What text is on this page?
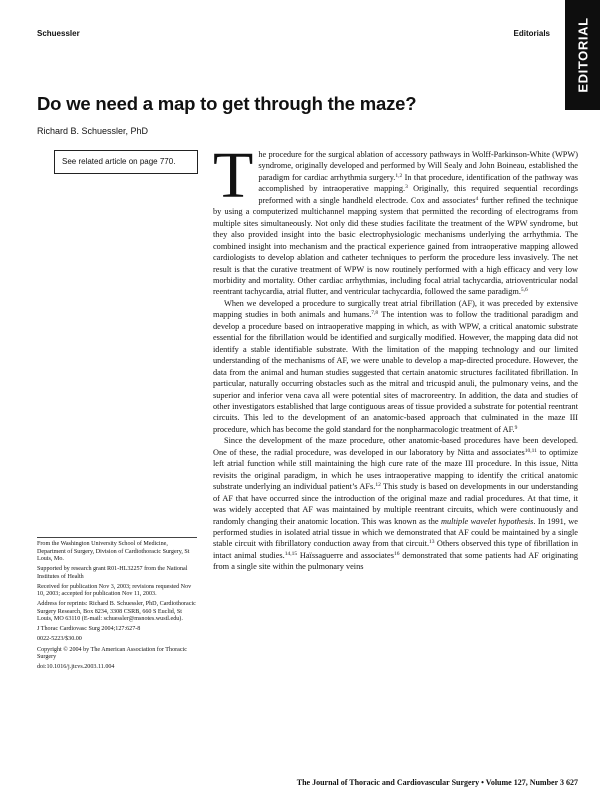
Schuessler	Editorials EDITORIAL
Do we need a map to get through the maze?
Richard B. Schuessler, PhD
See related article on page 770.

From the Washington University School of Medicine, Department of Surgery, Division of Cardiothoracic Surgery, St Louis, Mo.

Supported by research grant R01-HL32257 from the National Institutes of Health

Received for publication Nov 3, 2003; revisions requested Nov 10, 2003; accepted for publication Nov 11, 2003.

Address for reprints: Richard B. Schuessler, PhD, Cardiothoracic Surgery Research, Box 8234, 3308 CSRB, 660 S Euclid, St Louis, MO 63110 (E-mail: schuessler@msnotes.wustl.edu).

J Thorac Cardiovasc Surg 2004;127:627-8

0022-5223/$30.00

Copyright © 2004 by The American Association for Thoracic Surgery

doi:10.1016/j.jtcvs.2003.11.004

The procedure for the surgical ablation of accessory pathways in Wolff-Parkinson-White (WPW) syndrome, originally developed and performed by Will Sealy and John Boineau, established the paradigm for cardiac arrhythmia surgery.$^{1,2}$ In that procedure, identification of the pathway was accomplished by intraoperative mapping.$^3$ Originally, this required sequential recordings preformed with a single handheld electrode. Cox and associates$^4$ further refined the technique by using a computerized multichannel mapping system that permitted the recording of electrograms from multiple sites simultaneously. Not only did these studies facilitate the treatment of the WPW syndrome, but they also provided insight into the basic electrophysiologic mechanisms underlying the arrhythmia. The combined insight into mechanism and the practical experience gained from intraoperative mapping allowed cardiologists to develop ablation and catheter techniques to perform the procedure less invasively. The net result is that the curative treatment of WPW is now routinely performed with a high efficacy and very low morbidity and mortality. Other cardiac arrhythmias, including focal atrial tachycardia, atrioventricular nodal reentrant tachycardia, atrial flutter, and ventricular tachycardia, followed the same paradigm.$^{5,6}$

When we developed a procedure to surgically treat atrial fibrillation (AF), it was preceded by extensive mapping studies in both animals and humans.$^{7,8}$ The intention was to follow the traditional paradigm and develop a procedure based on intraoperative mapping in which, as with WPW, a critical anatomic substrate essential for the fibrillation would be identified and surgically modified. However, the mapping data did not identify a stable identifiable substrate. With the limitation of the mapping technology and our limited understanding of the mechanisms of AF, we were unable to develop a map-directed procedure. However, the data from the animal and human studies suggested that certain anatomic structures facilitated fibrillation. In particular, naturally occurring obstacles such as the mitral and tricuspid anuli, the pulmonary veins, and the superior and inferior vena cava all were potential sites of macroreentry. In addition, the data and studies of other investigators established that large contiguous areas of tissue provided a substrate for potential reentrant circuits. This led to the development of an anatomic-based approach that culminated in the maze III procedure, which has become the gold standard for the nonpharmacologic treatment of AF.$^9$

Since the development of the maze procedure, other anatomic-based procedures have been developed. One of these, the radial procedure, was developed in our laboratory by Nitta and associates$^{10,11}$ to optimize left atrial function while still maintaining the high cure rate of the maze III procedure. In this issue, Nitta revisits the original paradigm, in which he uses intraoperative mapping to identify the critical anatomic substrate underlying an individual patient’s AFs.$^{12}$ This study is based on developments in our understanding of AF that have occurred since the introduction of the original maze and radial procedures. At that time, it was widely accepted that AF was maintained by multiple reentrant circuits, which were continuously and randomly changing their anatomic location. This was known as the multiple wavelet hypothesis. In 1991, we performed studies in isolated atrial tissue in which we demonstrated that AF could be maintained by a single stable circuit with fibrillatory conduction away from that circuit.$^{13}$ Others observed this type of fibrillation in intact animal studies.$^{14,15}$ Haïssaguerre and associates$^{16}$ demonstrated that some patients had AF originating from a single site within the pulmonary veins

The Journal of Thoracic and Cardiovascular Surgery • Volume 127, Number 3 627
